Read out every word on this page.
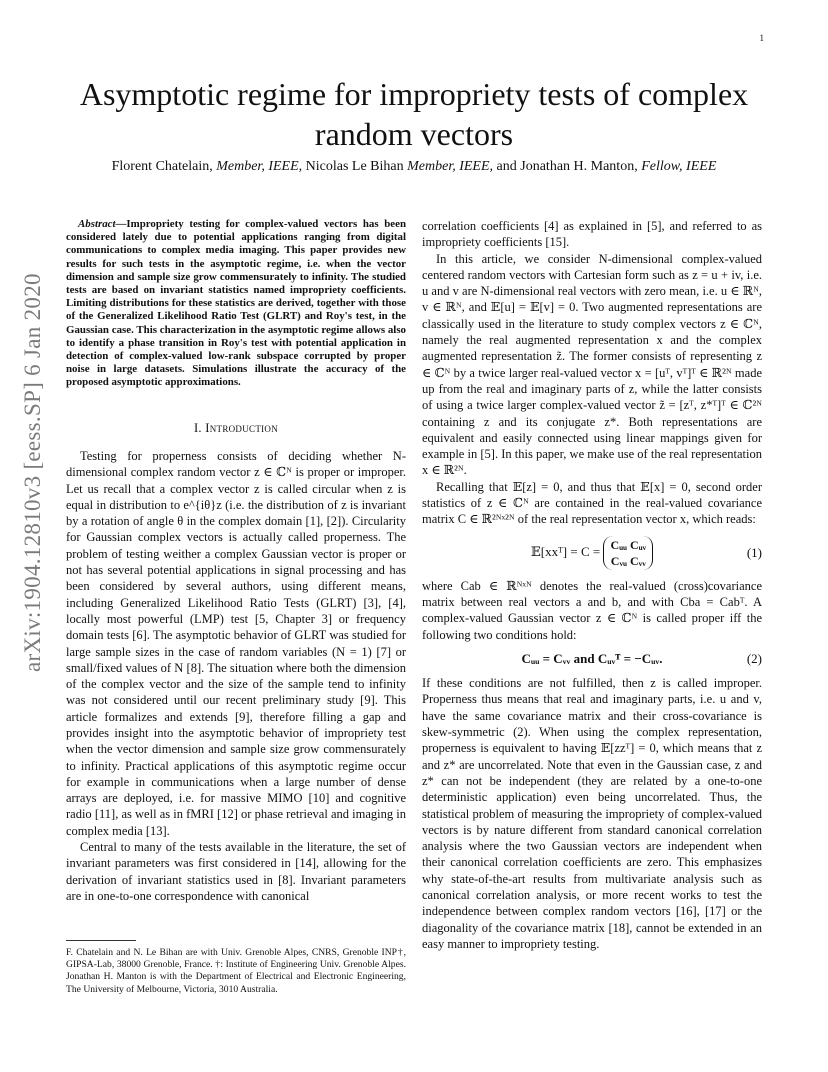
1
Asymptotic regime for impropriety tests of complex random vectors
Florent Chatelain, Member, IEEE, Nicolas Le Bihan Member, IEEE, and Jonathan H. Manton, Fellow, IEEE
arXiv:1904.12810v3 [eess.SP] 6 Jan 2020

Abstract—Impropriety testing for complex-valued vectors has been considered lately due to potential applications ranging from digital communications to complex media imaging. This paper provides new results for such tests in the asymptotic regime, i.e. when the vector dimension and sample size grow commensurately to infinity. The studied tests are based on invariant statistics named impropriety coefficients. Limiting distributions for these statistics are derived, together with those of the Generalized Likelihood Ratio Test (GLRT) and Roy's test, in the Gaussian case. This characterization in the asymptotic regime allows also to identify a phase transition in Roy's test with potential application in detection of complex-valued low-rank subspace corrupted by proper noise in large datasets. Simulations illustrate the accuracy of the proposed asymptotic approximations.

I. Introduction

Testing for properness consists of deciding whether N-dimensional complex random vector z ∈ ℂᴺ is proper or improper. Let us recall that a complex vector z is called circular when z is equal in distribution to e^{iθ}z (i.e. the distribution of z is invariant by a rotation of angle θ in the complex domain [1], [2]). Circularity for Gaussian complex vectors is actually called properness. The problem of testing weither a complex Gaussian vector is proper or not has several potential applications in signal processing and has been considered by several authors, using different means, including Generalized Likelihood Ratio Tests (GLRT) [3], [4], locally most powerful (LMP) test [5, Chapter 3] or frequency domain tests [6]. The asymptotic behavior of GLRT was studied for large sample sizes in the case of random variables (N = 1) [7] or small/fixed values of N [8]. The situation where both the dimension of the complex vector and the size of the sample tend to infinity was not considered until our recent preliminary study [9]. This article formalizes and extends [9], therefore filling a gap and provides insight into the asymptotic behavior of impropriety test when the vector dimension and sample size grow commensurately to infinity. Practical applications of this asymptotic regime occur for example in communications when a large number of dense arrays are deployed, i.e. for massive MIMO [10] and cognitive radio [11], as well as in fMRI [12] or phase retrieval and imaging in complex media [13].

Central to many of the tests available in the literature, the set of invariant parameters was first considered in [14], allowing for the derivation of invariant statistics used in [8]. Invariant parameters are in one-to-one correspondence with canonical

F. Chatelain and N. Le Bihan are with Univ. Grenoble Alpes, CNRS, Grenoble INP†, GIPSA-Lab, 38000 Grenoble, France. †: Institute of Engineering Univ. Grenoble Alpes. Jonathan H. Manton is with the Department of Electrical and Electronic Engineering, The University of Melbourne, Victoria, 3010 Australia.

correlation coefficients [4] as explained in [5], and referred to as impropriety coefficients [15].

In this article, we consider N-dimensional complex-valued centered random vectors with Cartesian form such as z = u + iv, i.e. u and v are N-dimensional real vectors with zero mean, i.e. u ∈ ℝᴺ, v ∈ ℝᴺ, and 𝔼[u] = 𝔼[v] = 0. Two augmented representations are classically used in the literature to study complex vectors z ∈ ℂᴺ, namely the real augmented representation x and the complex augmented representation z̃. The former consists of representing z ∈ ℂᴺ by a twice larger real-valued vector x = [uᵀ, vᵀ]ᵀ ∈ ℝ²ᴺ made up from the real and imaginary parts of z, while the latter consists of using a twice larger complex-valued vector z̃ = [zᵀ, z*ᵀ]ᵀ ∈ ℂ²ᴺ containing z and its conjugate z*. Both representations are equivalent and easily connected using linear mappings given for example in [5]. In this paper, we make use of the real representation x ∈ ℝ²ᴺ.

Recalling that 𝔼[z] = 0, and thus that 𝔼[x] = 0, second order statistics of z ∈ ℂᴺ are contained in the real-valued covariance matrix C ∈ ℝ²ᴺˣ²ᴺ of the real representation vector x, which reads:

𝔼[xxᵀ] = C = Cᵤᵤ Cᵤᵥ
Cᵥᵤ Cᵥᵥ
(1)

where Cab ∈ ℝᴺˣᴺ denotes the real-valued (cross)covariance matrix between real vectors a and b, and with Cba = Cabᵀ. A complex-valued Gaussian vector z ∈ ℂᴺ is called proper iff the following two conditions hold:

Cᵤᵤ = Cᵥᵥ and Cᵤᵥᵀ = −Cᵤᵥ.	(2)

If these conditions are not fulfilled, then z is called improper. Properness thus means that real and imaginary parts, i.e. u and v, have the same covariance matrix and their cross-covariance is skew-symmetric (2). When using the complex representation, properness is equivalent to having 𝔼[zzᵀ] = 0, which means that z and z* are uncorrelated. Note that even in the Gaussian case, z and z* can not be independent (they are related by a one-to-one deterministic application) even being uncorrelated. Thus, the statistical problem of measuring the impropriety of complex-valued vectors is by nature different from standard canonical correlation analysis where the two Gaussian vectors are independent when their canonical correlation coefficients are zero. This emphasizes why state-of-the-art results from multivariate analysis such as canonical correlation analysis, or more recent works to test the independence between complex random vectors [16], [17] or the diagonality of the covariance matrix [18], cannot be extended in an easy manner to impropriety testing.
